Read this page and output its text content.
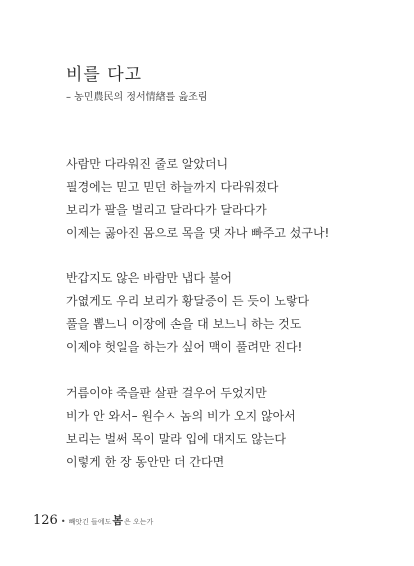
비를 다고
– 농민農民의 정서情緖를 읊조림
사람만 다라워진 줄로 알았더니
필경에는 믿고 믿던 하늘까지 다라워졌다
보리가 팔을 벌리고 달라다가 달라다가
이제는 곯아진 몸으로 목을 댓 자나 빠주고 섰구나!
반갑지도 않은 바람만 냅다 불어
가엾게도 우리 보리가 황달증이 든 듯이 노랗다
풀을 뽑느니 이장에 손을 대 보느니 하는 것도
이제야 헛일을 하는가 싶어 맥이 풀려만 진다!
거름이야 죽을판 살판 걸우어 두었지만
비가 안 와서– 원수ㅅ 놈의 비가 오지 않아서
보리는 벌써 목이 말라 입에 대지도 않는다
이렇게 한 장 동안만 더 간다면
126 • 빼앗긴 들에도 봄 은 오는가
